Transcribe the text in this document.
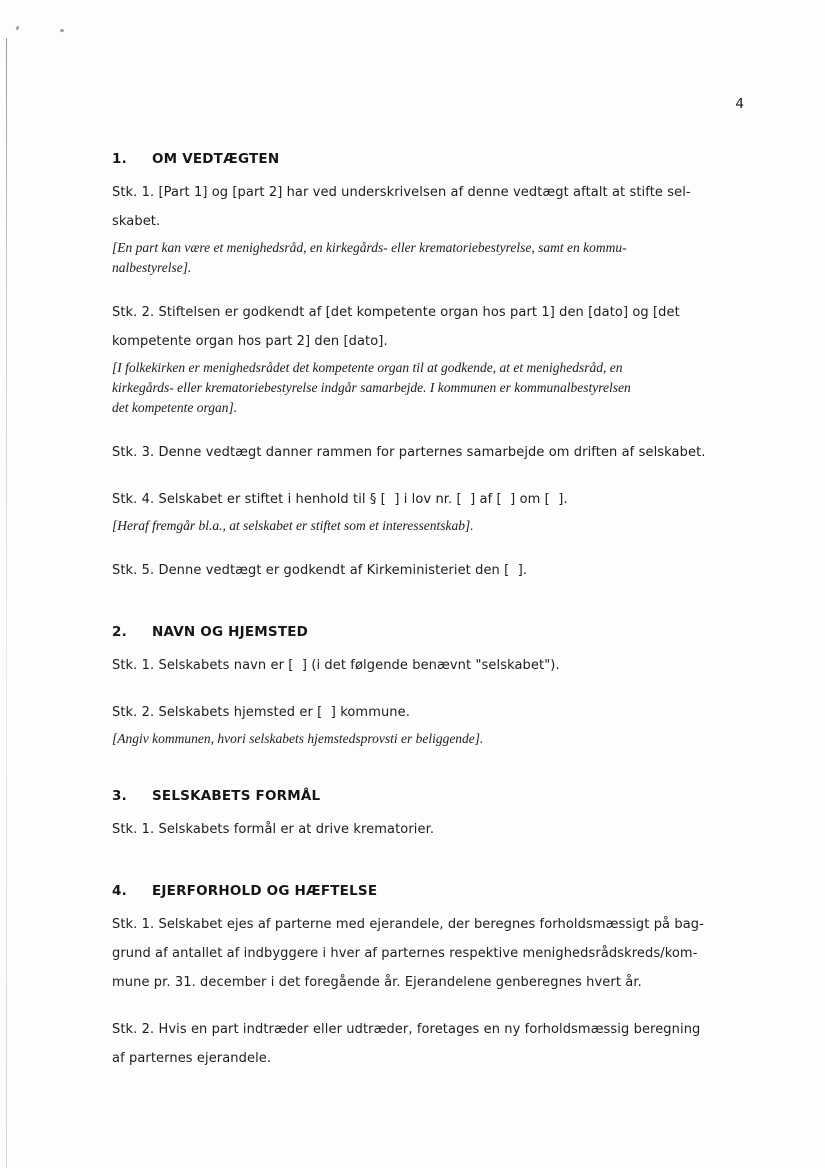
4
1.	OM VEDTÆGTEN

Stk. 1. [Part 1] og [part 2] har ved underskrivelsen af denne vedtægt aftalt at stifte sel-
skabet.

[En part kan være et menighedsråd, en kirkegårds- eller krematoriebestyrelse, samt en kommu-
nalbestyrelse].

Stk. 2. Stiftelsen er godkendt af [det kompetente organ hos part 1] den [dato] og [det
kompetente organ hos part 2] den [dato].

[I folkekirken er menighedsrådet det kompetente organ til at godkende, at et menighedsråd, en
kirkegårds- eller krematoriebestyrelse indgår samarbejde. I kommunen er kommunalbestyrelsen
det kompetente organ].

Stk. 3. Denne vedtægt danner rammen for parternes samarbejde om driften af selskabet.

Stk. 4. Selskabet er stiftet i henhold til § [  ] i lov nr. [  ] af [  ] om [  ].

[Heraf fremgår bl.a., at selskabet er stiftet som et interessentskab].

Stk. 5. Denne vedtægt er godkendt af Kirkeministeriet den [  ].

2.	NAVN OG HJEMSTED

Stk. 1. Selskabets navn er [  ] (i det følgende benævnt "selskabet").

Stk. 2. Selskabets hjemsted er [  ] kommune.

[Angiv kommunen, hvori selskabets hjemstedsprovsti er beliggende].

3.	SELSKABETS FORMÅL

Stk. 1. Selskabets formål er at drive krematorier.

4.	EJERFORHOLD OG HÆFTELSE

Stk. 1. Selskabet ejes af parterne med ejerandele, der beregnes forholdsmæssigt på bag-
grund af antallet af indbyggere i hver af parternes respektive menighedsrådskreds/kom-
mune pr. 31. december i det foregående år. Ejerandelene genberegnes hvert år.

Stk. 2. Hvis en part indtræder eller udtræder, foretages en ny forholdsmæssig beregning
af parternes ejerandele.
